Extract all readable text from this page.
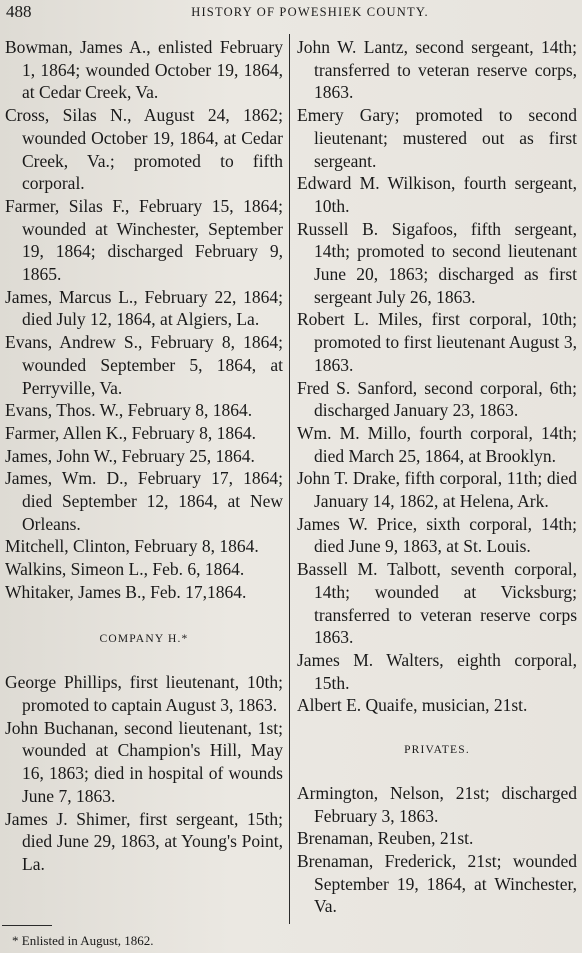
488	HISTORY OF POWESHIEK COUNTY.

Bowman, James A., enlisted February 1, 1864; wounded October 19, 1864, at Cedar Creek, Va.

Cross, Silas N., August 24, 1862; wounded October 19, 1864, at Cedar Creek, Va.; promoted to fifth corporal.

Farmer, Silas F., February 15, 1864; wounded at Winchester, September 19, 1864; discharged February 9, 1865.

James, Marcus L., February 22, 1864; died July 12, 1864, at Algiers, La.

Evans, Andrew S., February 8, 1864; wounded September 5, 1864, at Perryville, Va.

Evans, Thos. W., February 8, 1864.

Farmer, Allen K., February 8, 1864.

James, John W., February 25, 1864.

James, Wm. D., February 17, 1864; died September 12, 1864, at New Orleans.

Mitchell, Clinton, February 8, 1864.

Walkins, Simeon L., Feb. 6, 1864.

Whitaker, James B., Feb. 17,1864.

COMPANY H.*

George Phillips, first lieutenant, 10th; promoted to captain August 3, 1863.

John Buchanan, second lieutenant, 1st; wounded at Champion's Hill, May 16, 1863; died in hospital of wounds June 7, 1863.

James J. Shimer, first sergeant, 15th; died June 29, 1863, at Young's Point, La.

John W. Lantz, second sergeant, 14th; transferred to veteran reserve corps, 1863.

Emery Gary; promoted to second lieutenant; mustered out as first sergeant.

Edward M. Wilkison, fourth sergeant, 10th.

Russell B. Sigafoos, fifth sergeant, 14th; promoted to second lieutenant June 20, 1863; discharged as first sergeant July 26, 1863.

Robert L. Miles, first corporal, 10th; promoted to first lieutenant August 3, 1863.

Fred S. Sanford, second corporal, 6th; discharged January 23, 1863.

Wm. M. Millo, fourth corporal, 14th; died March 25, 1864, at Brooklyn.

John T. Drake, fifth corporal, 11th; died January 14, 1862, at Helena, Ark.

James W. Price, sixth corporal, 14th; died June 9, 1863, at St. Louis.

Bassell M. Talbott, seventh corporal, 14th; wounded at Vicksburg; transferred to veteran reserve corps 1863.

James M. Walters, eighth corporal, 15th.

Albert E. Quaife, musician, 21st.

PRIVATES.

Armington, Nelson, 21st; discharged February 3, 1863.

Brenaman, Reuben, 21st.

Brenaman, Frederick, 21st; wounded September 19, 1864, at Winchester, Va.

* Enlisted in August, 1862.
